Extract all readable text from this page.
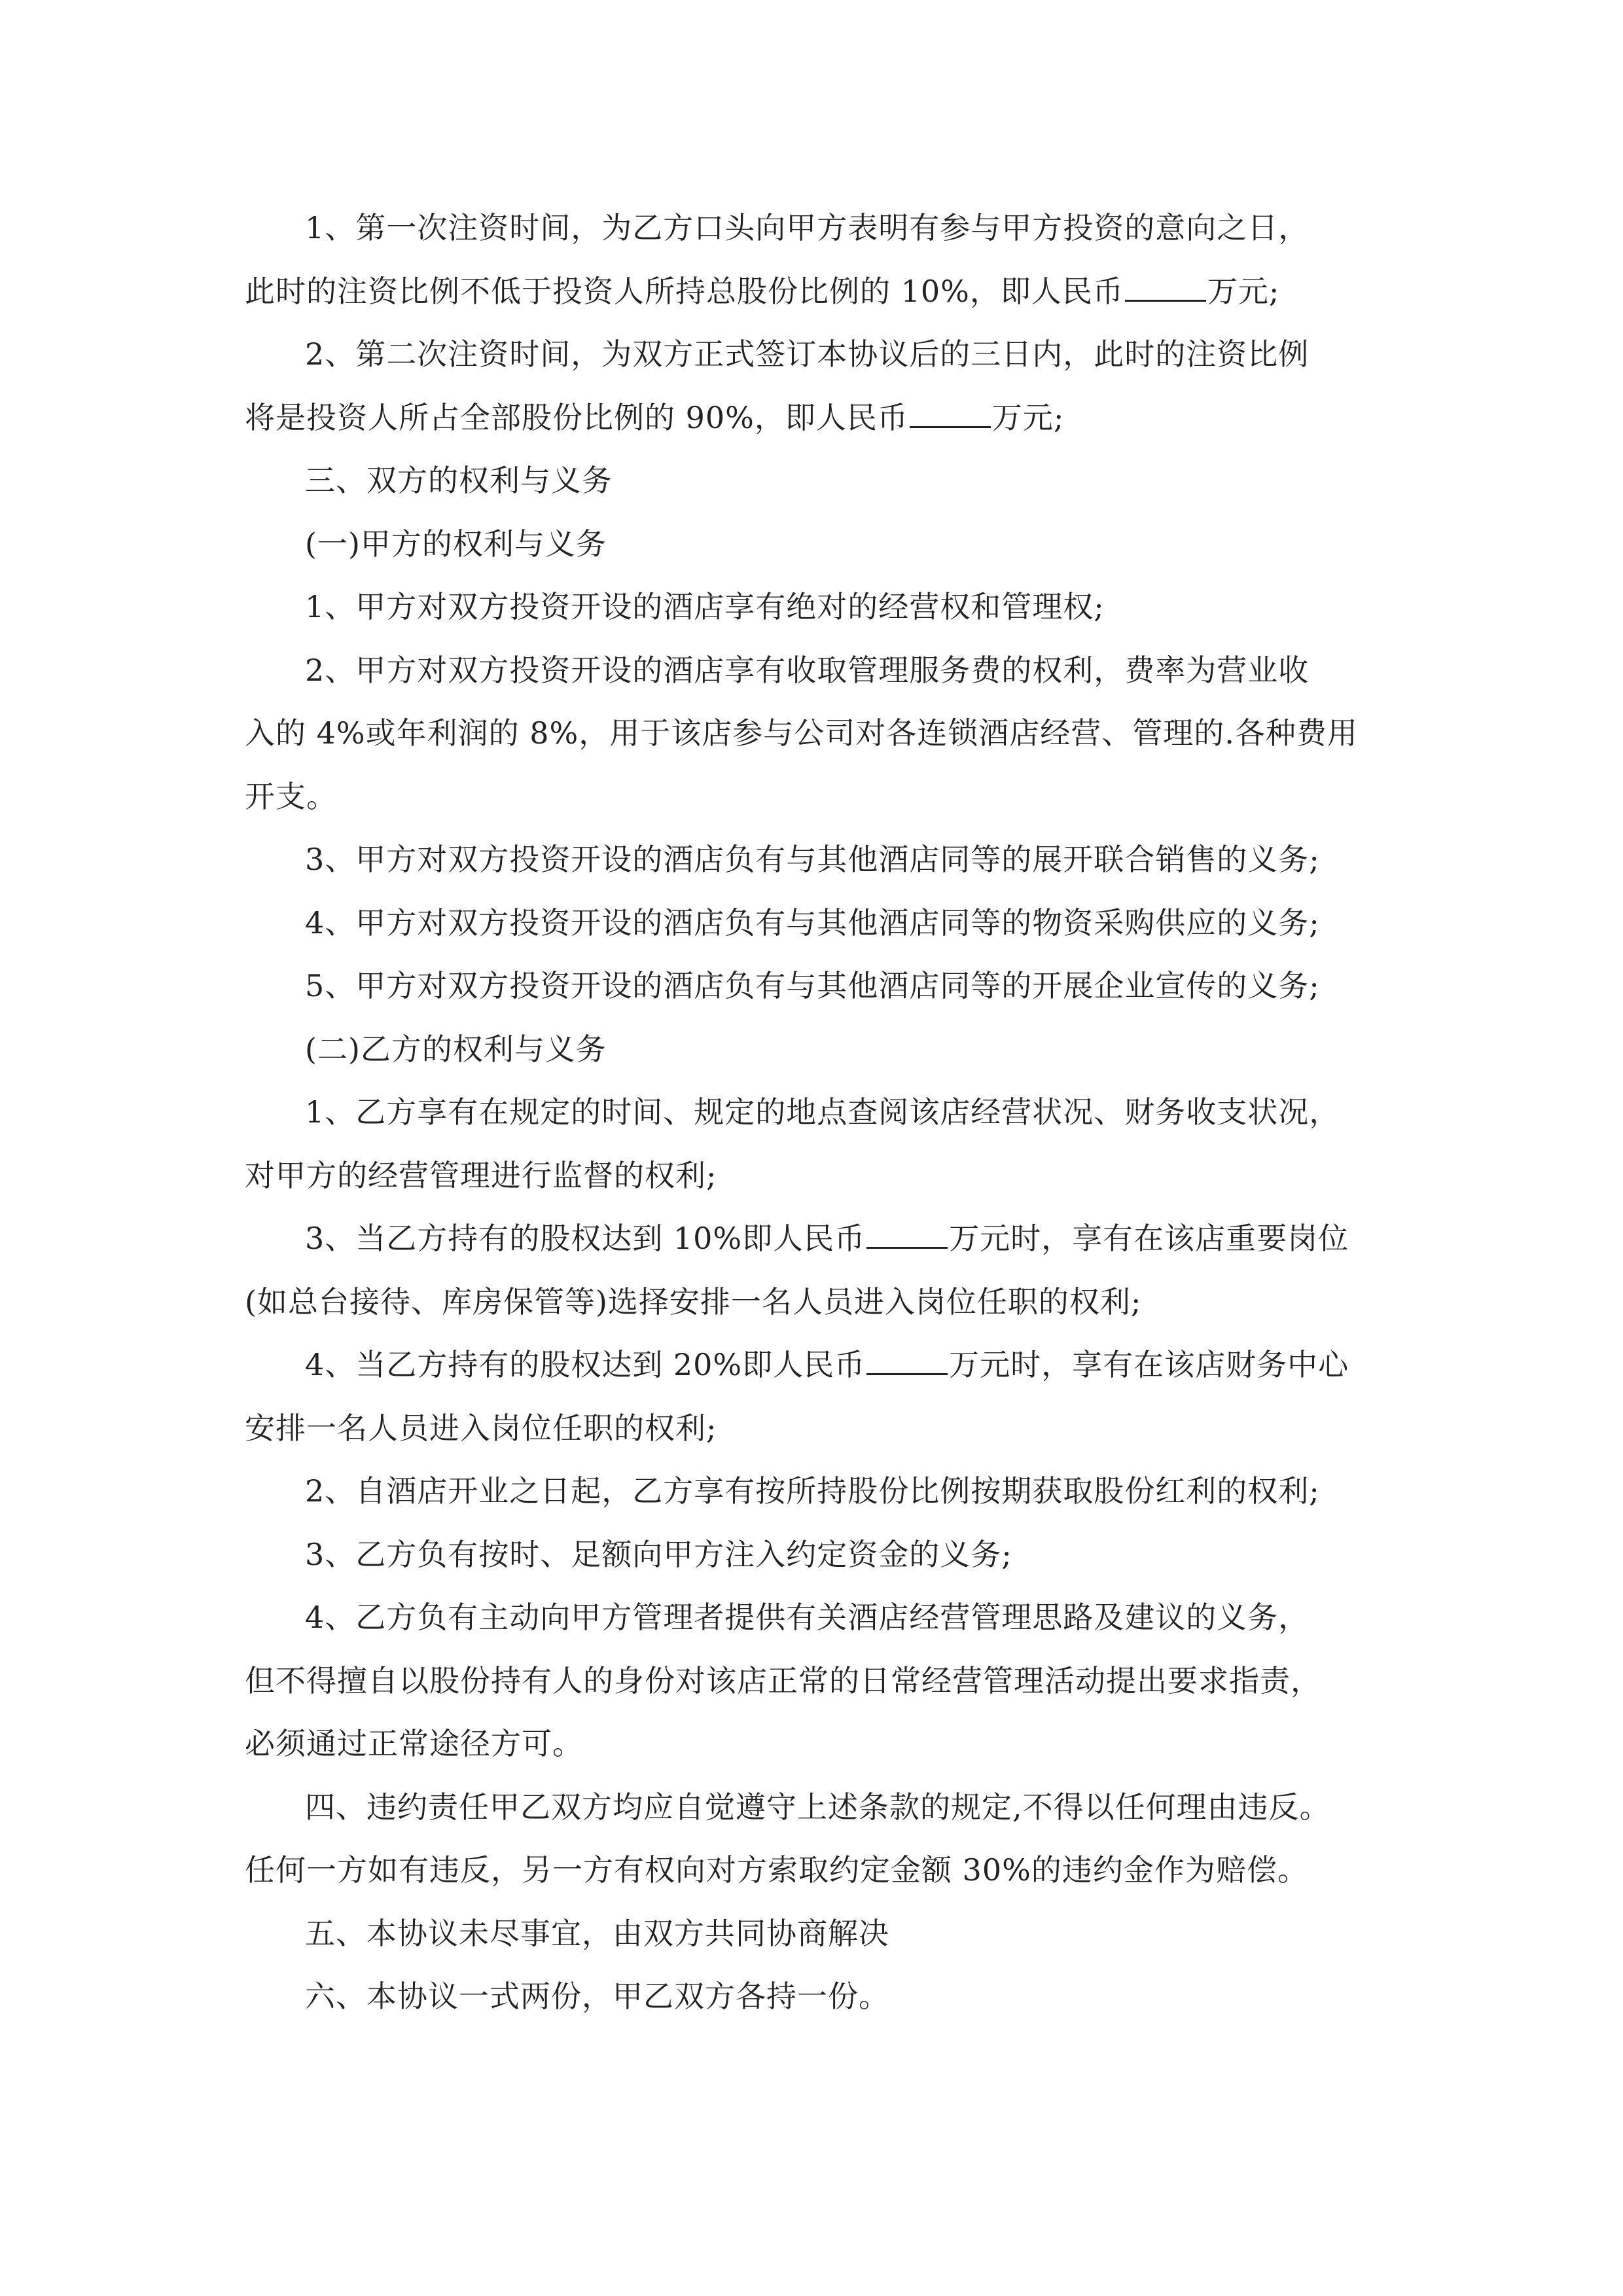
1、第一次注资时间，为乙方口头向甲方表明有参与甲方投资的意向之日，
此时的注资比例不低于投资人所持总股份比例的 10%，即人民币	万元;

2、第二次注资时间，为双方正式签订本协议后的三日内，此时的注资比例
将是投资人所占全部股份比例的 90%，即人民币	万元;

三、双方的权利与义务

(一)甲方的权利与义务

1、甲方对双方投资开设的酒店享有绝对的经营权和管理权;

2、甲方对双方投资开设的酒店享有收取管理服务费的权利，费率为营业收
入的 4%或年利润的 8%，用于该店参与公司对各连锁酒店经营、管理的.各种费用
开支。

3、甲方对双方投资开设的酒店负有与其他酒店同等的展开联合销售的义务;

4、甲方对双方投资开设的酒店负有与其他酒店同等的物资采购供应的义务;

5、甲方对双方投资开设的酒店负有与其他酒店同等的开展企业宣传的义务;

(二)乙方的权利与义务

1、乙方享有在规定的时间、规定的地点查阅该店经营状况、财务收支状况，
对甲方的经营管理进行监督的权利;

3、当乙方持有的股权达到 10%即人民币	万元时，享有在该店重要岗位
(如总台接待、库房保管等)选择安排一名人员进入岗位任职的权利;

4、当乙方持有的股权达到 20%即人民币	万元时，享有在该店财务中心
安排一名人员进入岗位任职的权利;

2、自酒店开业之日起，乙方享有按所持股份比例按期获取股份红利的权利;

3、乙方负有按时、足额向甲方注入约定资金的义务;

4、乙方负有主动向甲方管理者提供有关酒店经营管理思路及建议的义务，
但不得擅自以股份持有人的身份对该店正常的日常经营管理活动提出要求指责，
必须通过正常途径方可。

四、违约责任甲乙双方均应自觉遵守上述条款的规定,不得以任何理由违反。
任何一方如有违反，另一方有权向对方索取约定金额 30%的违约金作为赔偿。

五、本协议未尽事宜，由双方共同协商解决

六、本协议一式两份，甲乙双方各持一份。
